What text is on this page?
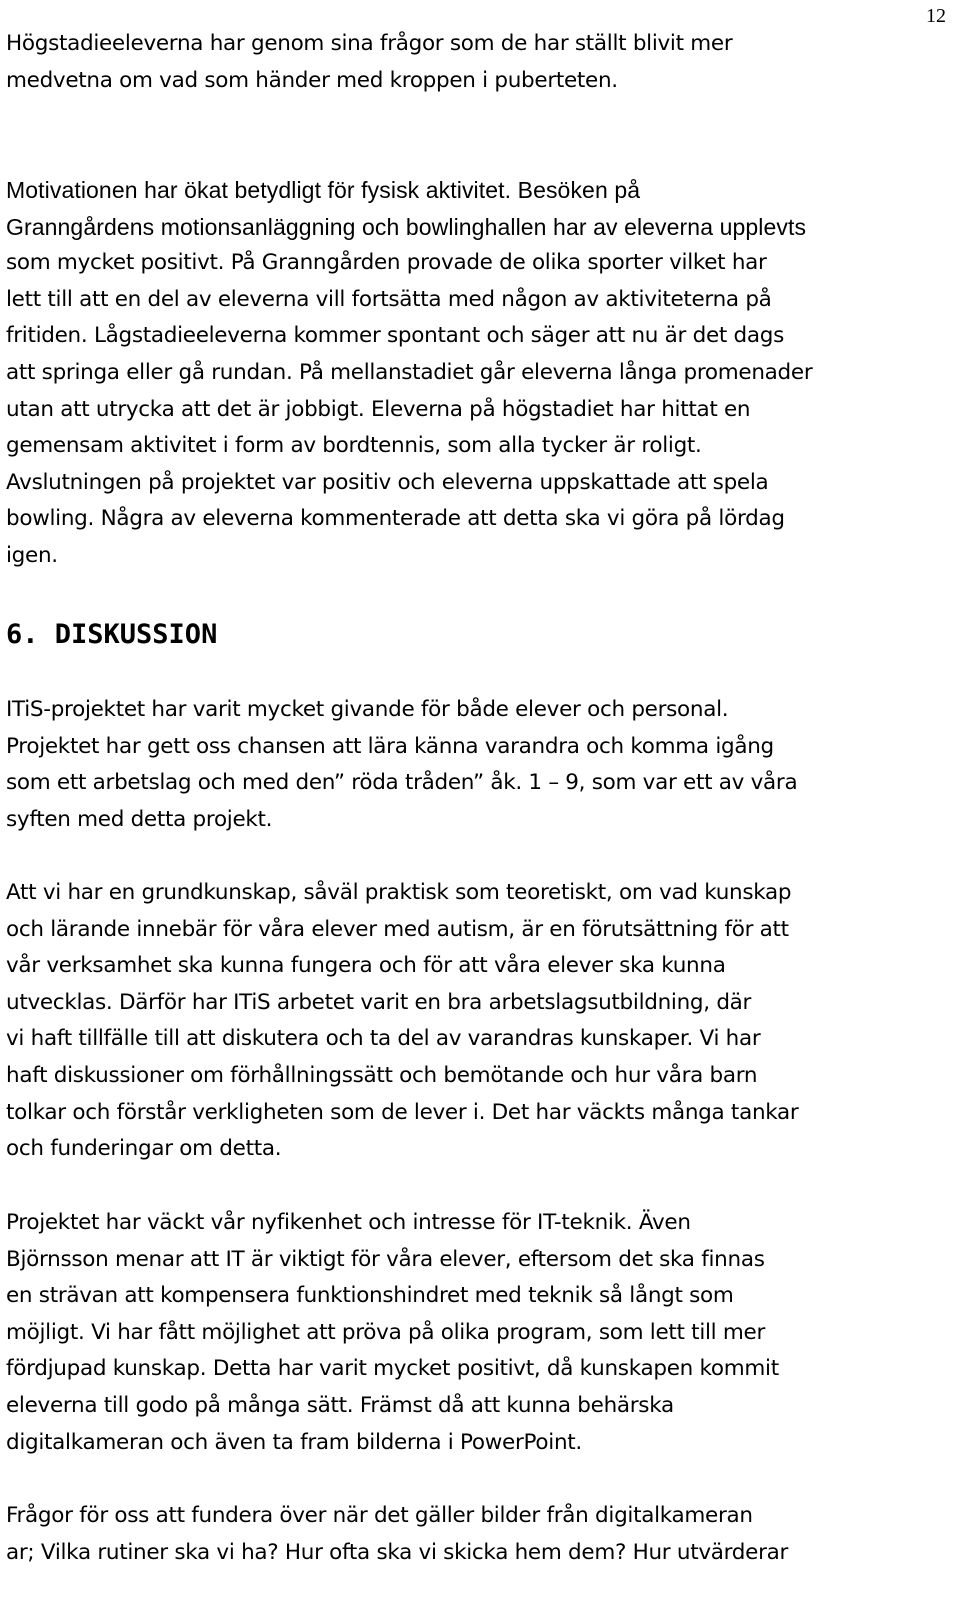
12

Högstadieeleverna har genom sina frågor som de har ställt blivit mer
medvetna om vad som händer med kroppen i puberteten.

Motivationen har ökat betydligt för fysisk aktivitet. Besöken på
Granngårdens motionsanläggning och bowlinghallen har av eleverna upplevts
som mycket positivt. På Granngården provade de olika sporter vilket har
lett till att en del av eleverna vill fortsätta med någon av aktiviteterna på
fritiden. Lågstadieeleverna kommer spontant och säger att nu är det dags
att springa eller gå rundan. På mellanstadiet går eleverna långa promenader
utan att utrycka att det är jobbigt. Eleverna på högstadiet har hittat en
gemensam aktivitet i form av bordtennis, som alla tycker är roligt.
Avslutningen på projektet var positiv och eleverna uppskattade att spela
bowling. Några av eleverna kommenterade att detta ska vi göra på lördag
igen.

6. DISKUSSION

ITiS-projektet har varit mycket givande för både elever och personal.
Projektet har gett oss chansen att lära känna varandra och komma igång
som ett arbetslag och med den” röda tråden” åk. 1 – 9, som var ett av våra
syften med detta projekt.

Att vi har en grundkunskap, såväl praktisk som teoretiskt, om vad kunskap
och lärande innebär för våra elever med autism, är en förutsättning för att
vår verksamhet ska kunna fungera och för att våra elever ska kunna
utvecklas. Därför har ITiS arbetet varit en bra arbetslagsutbildning, där
vi haft tillfälle till att diskutera och ta del av varandras kunskaper. Vi har
haft diskussioner om förhållningssätt och bemötande och hur våra barn
tolkar och förstår verkligheten som de lever i. Det har väckts många tankar
och funderingar om detta.

Projektet har väckt vår nyfikenhet och intresse för IT-teknik. Även
Björnsson menar att IT är viktigt för våra elever, eftersom det ska finnas
en strävan att kompensera funktionshindret med teknik så långt som
möjligt. Vi har fått möjlighet att pröva på olika program, som lett till mer
fördjupad kunskap. Detta har varit mycket positivt, då kunskapen kommit
eleverna till godo på många sätt. Främst då att kunna behärska
digitalkameran och även ta fram bilderna i PowerPoint.

Frågor för oss att fundera över när det gäller bilder från digitalkameran
ar; Vilka rutiner ska vi ha? Hur ofta ska vi skicka hem dem? Hur utvärderar
